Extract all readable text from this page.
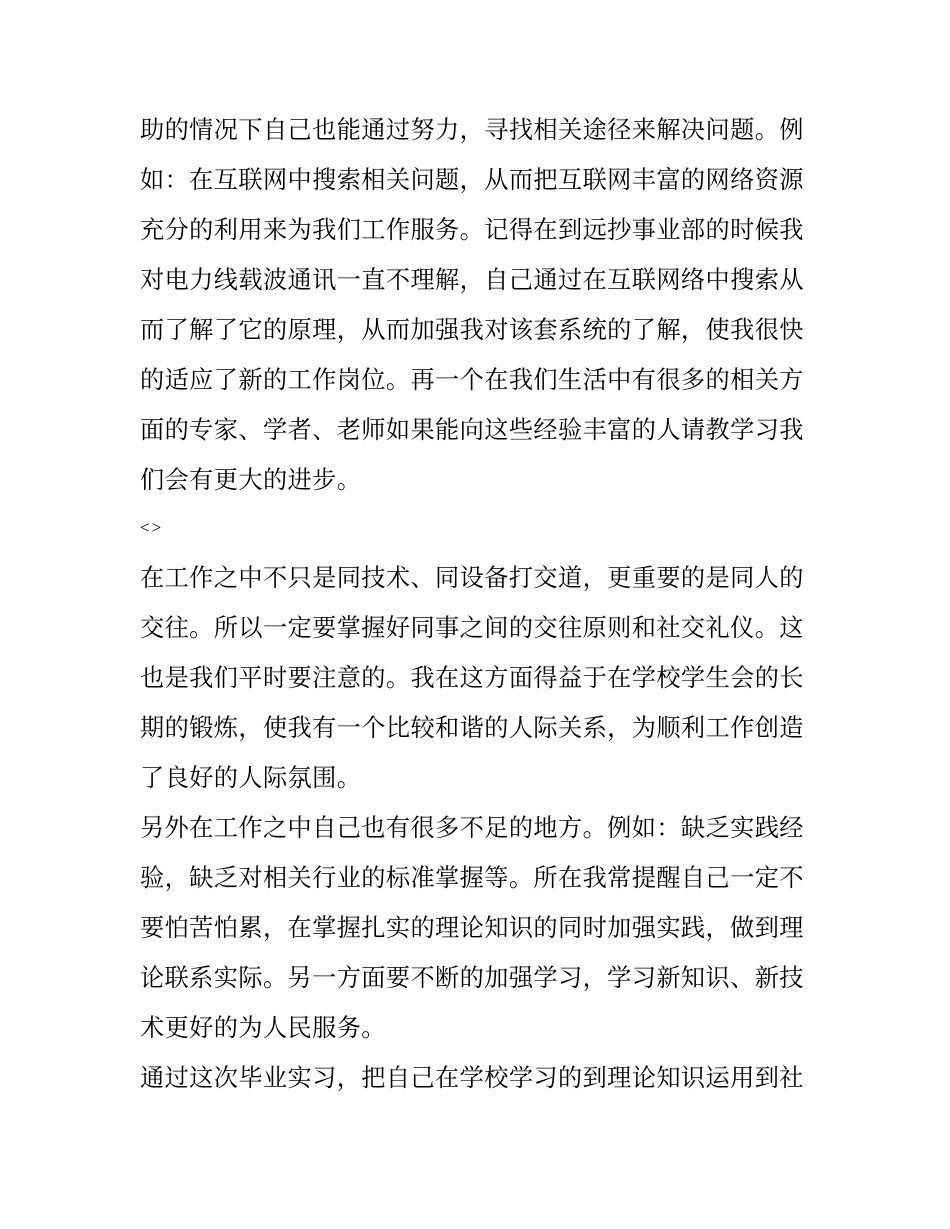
助的情况下自己也能通过努力，寻找相关途径来解决问题。例
如：在互联网中搜索相关问题，从而把互联网丰富的网络资源
充分的利用来为我们工作服务。记得在到远抄事业部的时候我
对电力线载波通讯一直不理解，自己通过在互联网络中搜索从
而了解了它的原理，从而加强我对该套系统的了解，使我很快
的适应了新的工作岗位。再一个在我们生活中有很多的相关方
面的专家、学者、老师如果能向这些经验丰富的人请教学习我
们会有更大的进步。
<>
在工作之中不只是同技术、同设备打交道，更重要的是同人的
交往。所以一定要掌握好同事之间的交往原则和社交礼仪。这
也是我们平时要注意的。我在这方面得益于在学校学生会的长
期的锻炼，使我有一个比较和谐的人际关系，为顺利工作创造
了良好的人际氛围。
另外在工作之中自己也有很多不足的地方。例如：缺乏实践经
验，缺乏对相关行业的标准掌握等。所在我常提醒自己一定不
要怕苦怕累，在掌握扎实的理论知识的同时加强实践，做到理
论联系实际。另一方面要不断的加强学习，学习新知识、新技
术更好的为人民服务。
通过这次毕业实习，把自己在学校学习的到理论知识运用到社
